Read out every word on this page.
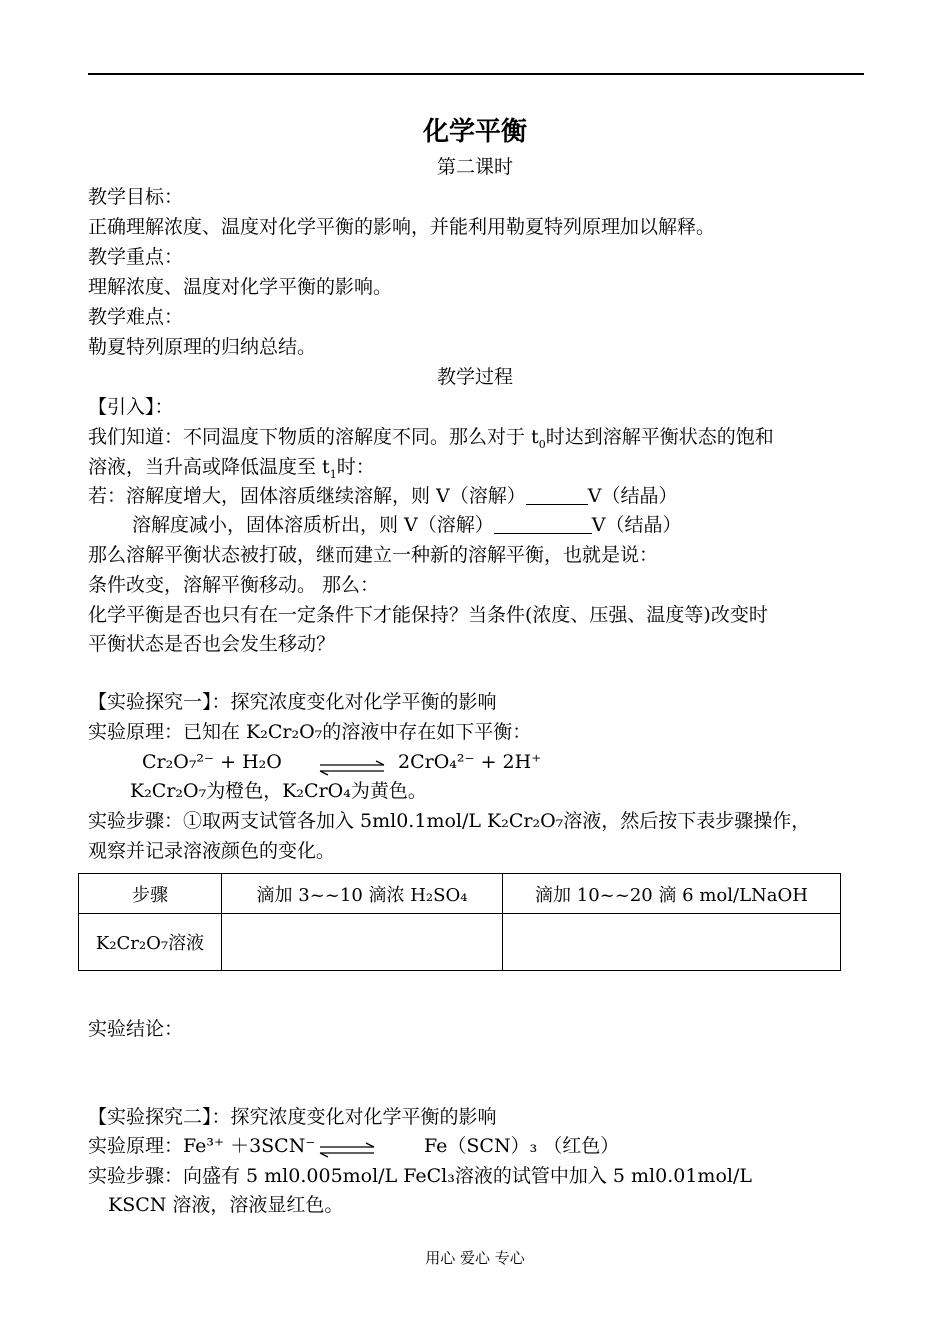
化学平衡
第二课时
教学目标：
正确理解浓度、温度对化学平衡的影响，并能利用勒夏特列原理加以解释。
教学重点：
理解浓度、温度对化学平衡的影响。
教学难点：
勒夏特列原理的归纳总结。
教学过程
【引入】：
我们知道：不同温度下物质的溶解度不同。那么对于 $t_0$时达到溶解平衡状态的饱和
溶液，当升高或降低温度至 $t_1$时：
若：溶解度增大，固体溶质继续溶解，则 V（溶解）	V（结晶）
溶解度减小，固体溶质析出，则 V（溶解）	V（结晶）
那么溶解平衡状态被打破，继而建立一种新的溶解平衡，也就是说：
条件改变，溶解平衡移动。 那么：
化学平衡是否也只有在一定条件下才能保持？当条件(浓度、压强、温度等)改变时
平衡状态是否也会发生移动？
【实验探究一】：探究浓度变化对化学平衡的影响
实验原理：已知在 K₂Cr₂O₇的溶液中存在如下平衡：
Cr₂O₇²⁻ + H₂O	2CrO₄²⁻ + 2H⁺
K₂Cr₂O₇为橙色，K₂CrO₄为黄色。
实验步骤：①取两支试管各加入 5ml0.1mol/L K₂Cr₂O₇溶液，然后按下表步骤操作，
观察并记录溶液颜色的变化。
步骤	滴加 3~~10 滴浓 H₂SO₄	滴加 10~~20 滴 6 mol/LNaOH
K₂Cr₂O₇溶液		
实验结论：
【实验探究二】：探究浓度变化对化学平衡的影响
实验原理：Fe³⁺ ＋3SCN⁻ ⇌ Fe（SCN）₃ （红色）
实验步骤：向盛有 5 ml0.005mol/L FeCl₃溶液的试管中加入 5 ml0.01mol/L
KSCN 溶液，溶液显红色。
用心 爱心 专心
